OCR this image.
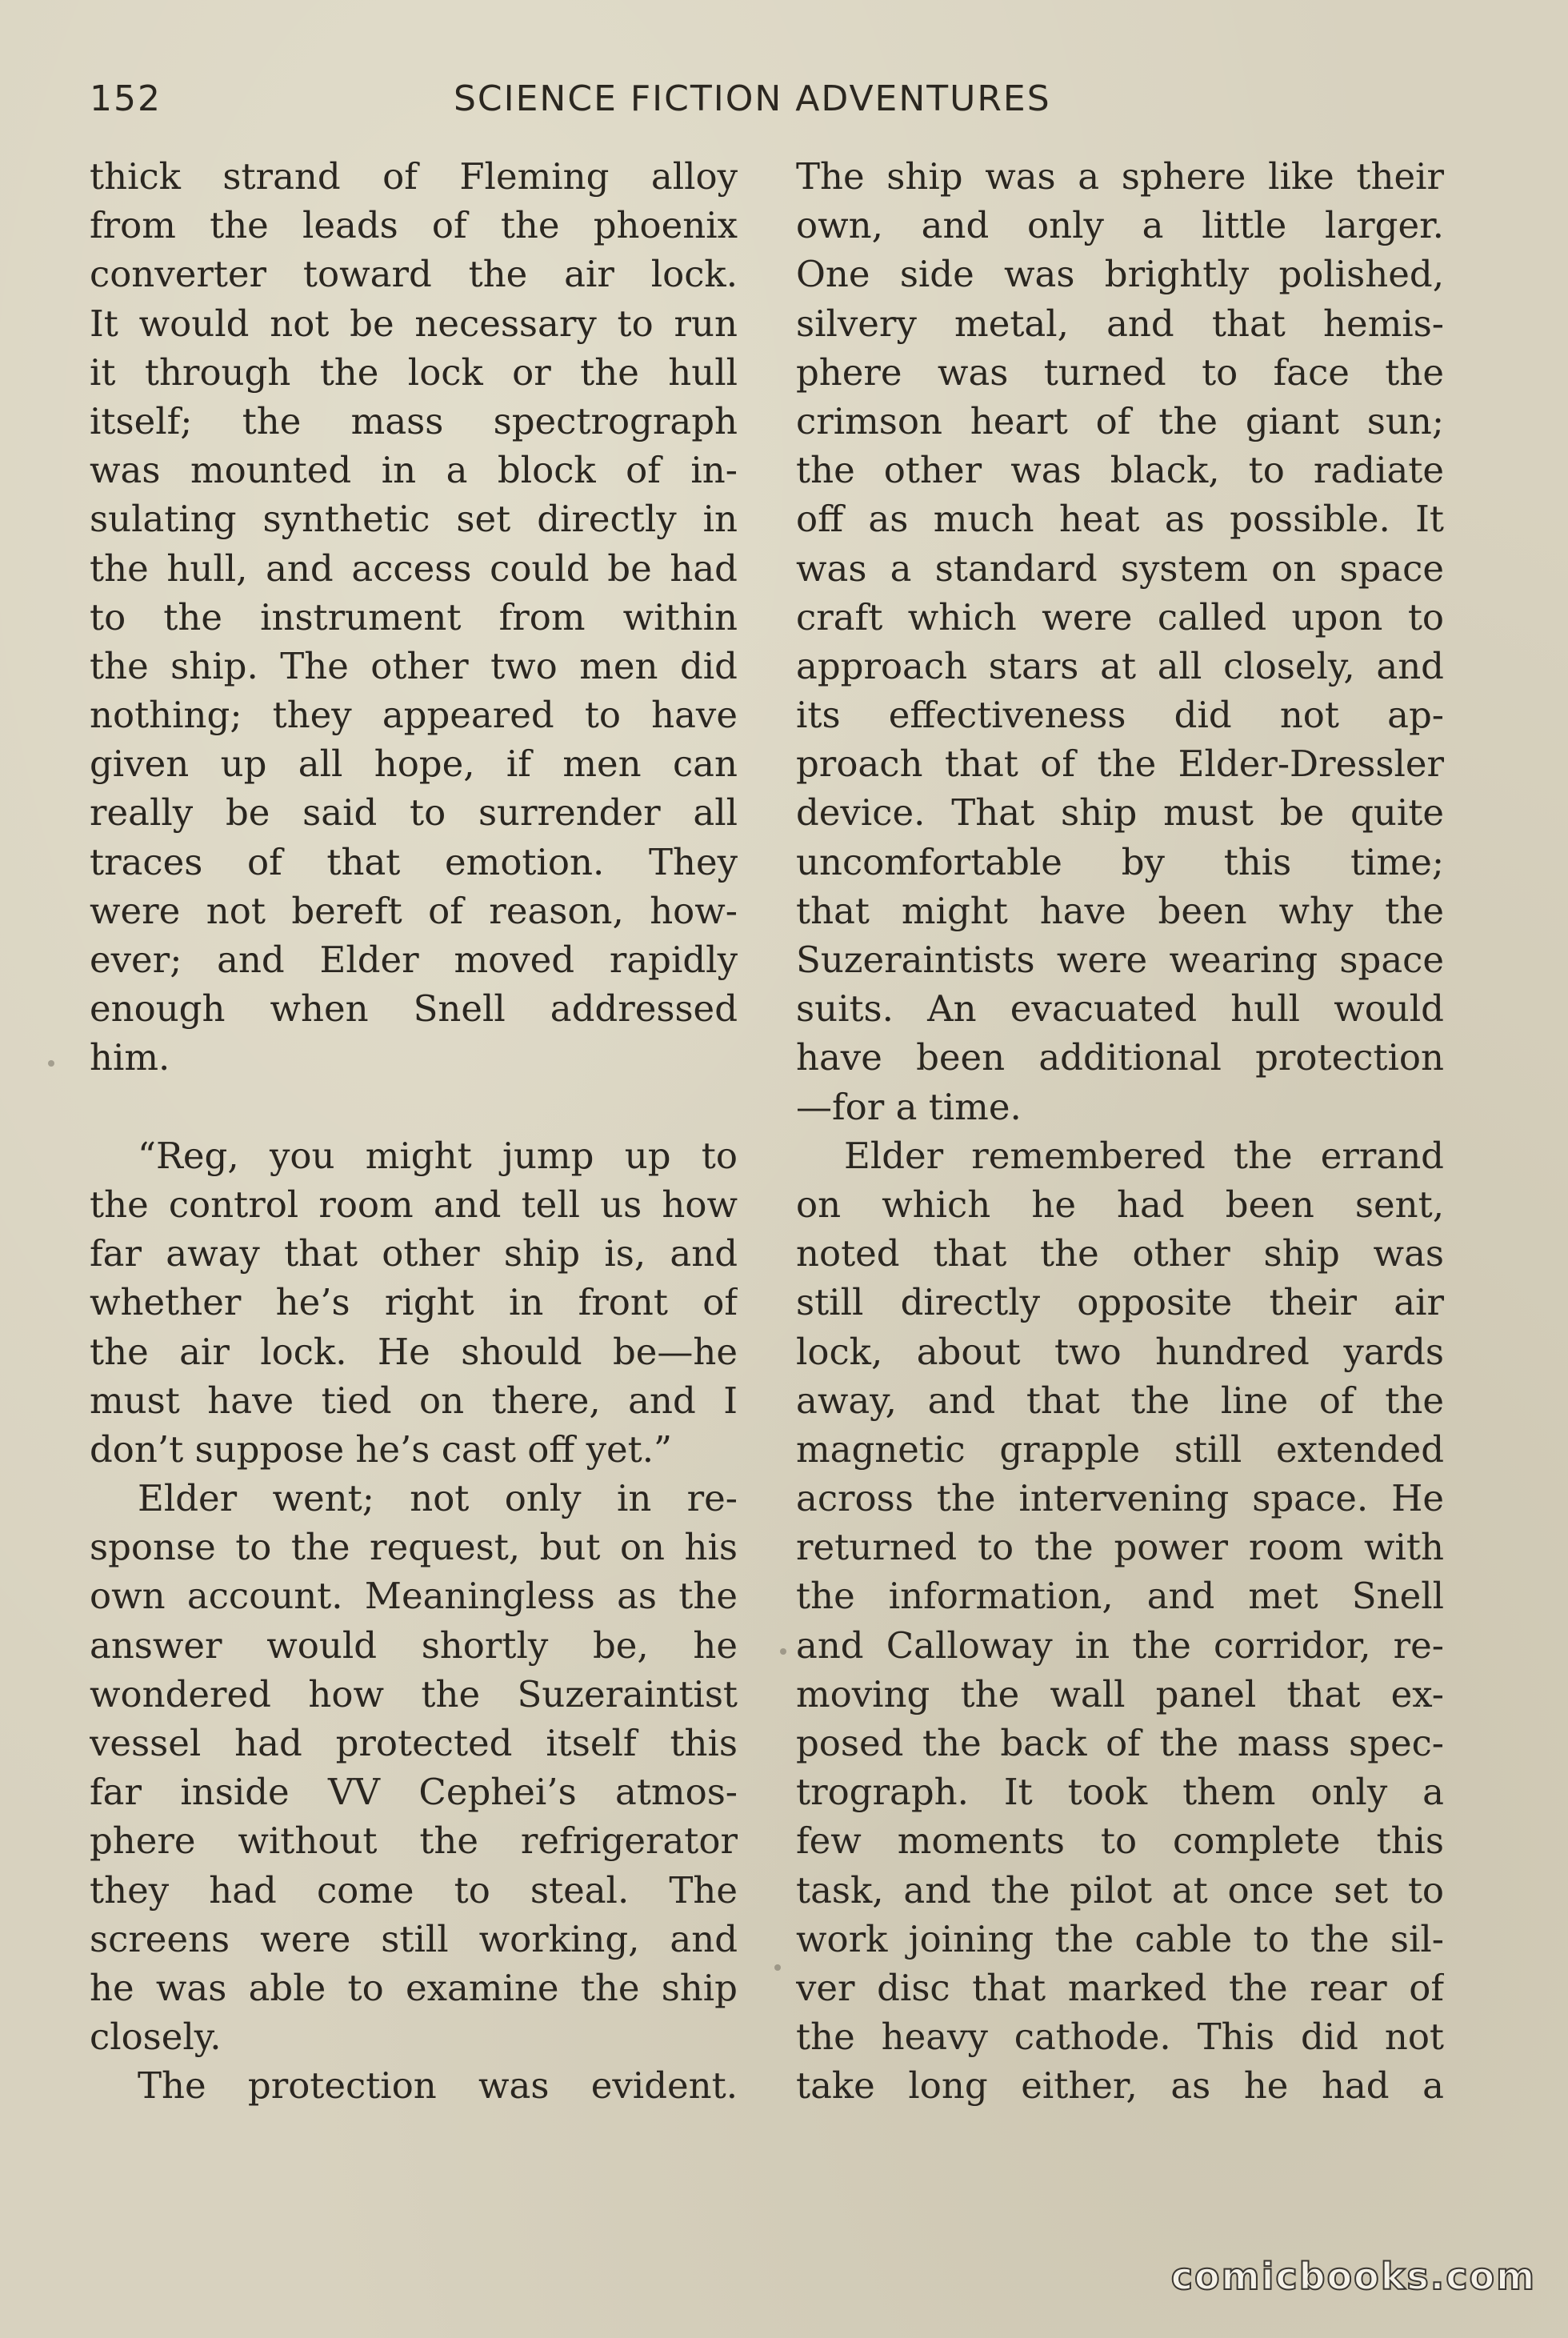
152	SCIENCE FICTION ADVENTURES
thick strand of Fleming alloy
from the leads of the phoenix
converter toward the air lock.
It would not be necessary to run
it through the lock or the hull
itself; the mass spectrograph
was mounted in a block of in-
sulating synthetic set directly in
the hull, and access could be had
to the instrument from within
the ship. The other two men did
nothing; they appeared to have
given up all hope, if men can
really be said to surrender all
traces of that emotion. They
were not bereft of reason, how-
ever; and Elder moved rapidly
enough when Snell addressed
him.
“Reg, you might jump up to
the control room and tell us how
far away that other ship is, and
whether he’s right in front of
the air lock. He should be—he
must have tied on there, and I
don’t suppose he’s cast off yet.”
Elder went; not only in re-
sponse to the request, but on his
own account. Meaningless as the
answer would shortly be, he
wondered how the Suzeraintist
vessel had protected itself this
far inside VV Cephei’s atmos-
phere without the refrigerator
they had come to steal. The
screens were still working, and
he was able to examine the ship
closely.
The protection was evident.
The ship was a sphere like their
own, and only a little larger.
One side was brightly polished,
silvery metal, and that hemis-
phere was turned to face the
crimson heart of the giant sun;
the other was black, to radiate
off as much heat as possible. It
was a standard system on space
craft which were called upon to
approach stars at all closely, and
its effectiveness did not ap-
proach that of the Elder-Dressler
device. That ship must be quite
uncomfortable by this time;
that might have been why the
Suzeraintists were wearing space
suits. An evacuated hull would
have been additional protection
—for a time.
Elder remembered the errand
on which he had been sent,
noted that the other ship was
still directly opposite their air
lock, about two hundred yards
away, and that the line of the
magnetic grapple still extended
across the intervening space. He
returned to the power room with
the information, and met Snell
and Calloway in the corridor, re-
moving the wall panel that ex-
posed the back of the mass spec-
trograph. It took them only a
few moments to complete this
task, and the pilot at once set to
work joining the cable to the sil-
ver disc that marked the rear of
the heavy cathode. This did not
take long either, as he had a
comicbooks.com
